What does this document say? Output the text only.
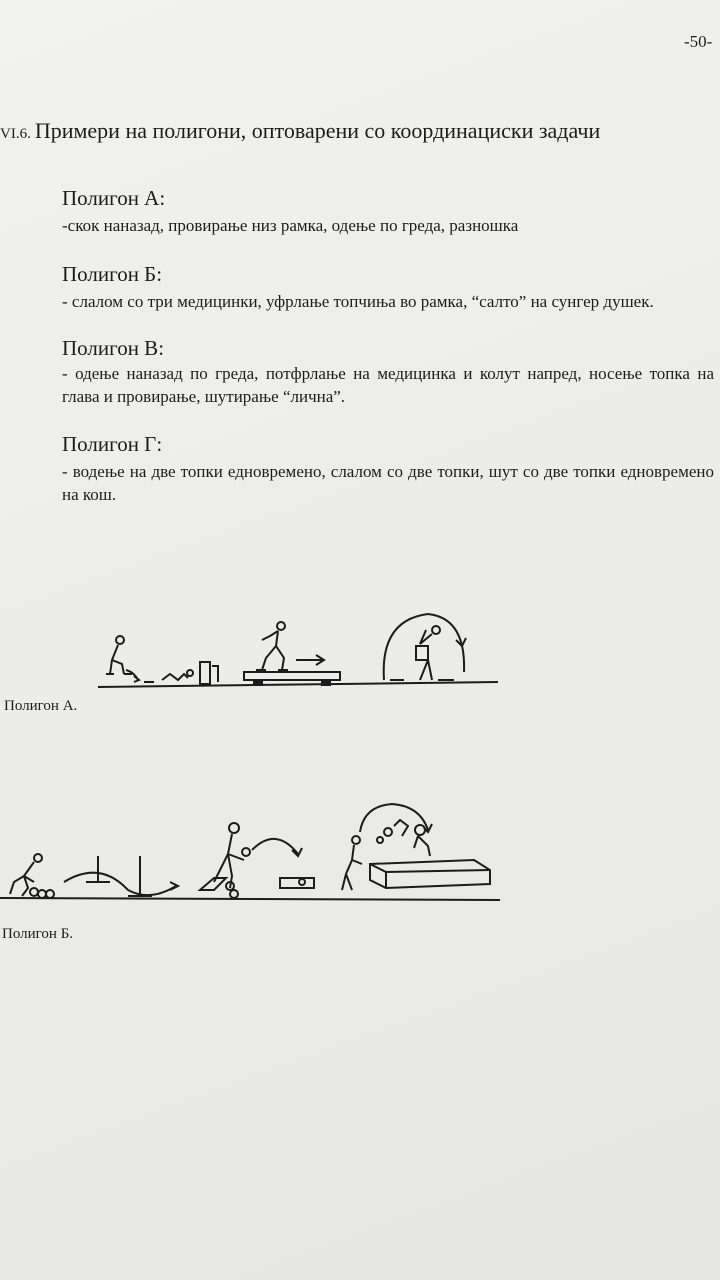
-50-
VI.6. Примери на полигони, оптоварени со координациски задачи
Полигон А:
-скок наназад, провирање низ рамка, одење по греда, разношка
Полигон Б:
- слалом со три медицинки, уфрлање топчиња во рамка, “салто” на сунгер душек.
Полигон В:
- одење наназад по греда, потфрлање на медицинка и колут напред, носење топка на глава и провирање, шутирање “лична”.
Полигон Г:
- водење на две топки едновремено, слалом со две топки, шут со две топки едновремено на кош.
Полигон А.
Полигон Б.
